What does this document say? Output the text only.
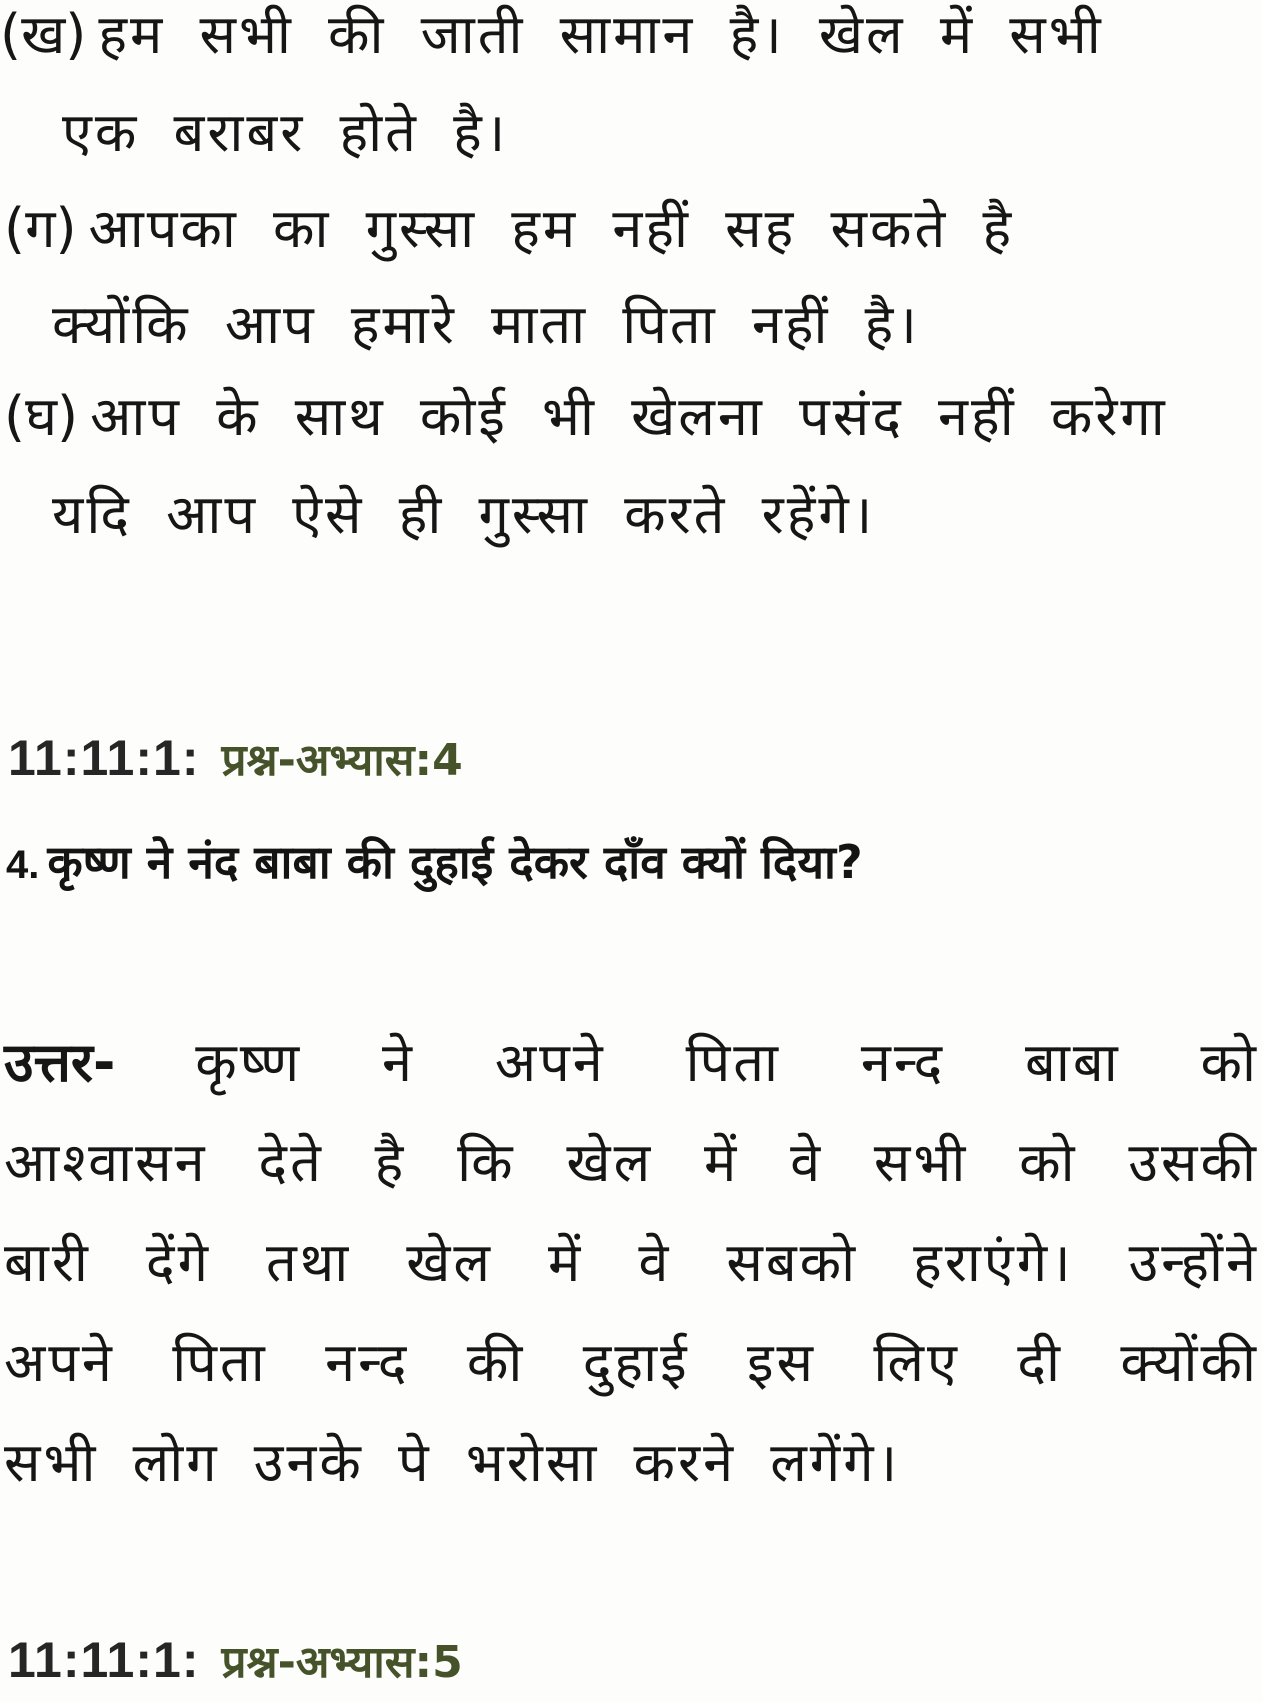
(ख) हम सभी की जाती सामान है। खेल में सभी
एक बराबर होते है।
(ग) आपका का गुस्सा हम नहीं सह सकते है
क्योंकि आप हमारे माता पिता नहीं है।
(घ) आप के साथ कोई भी खेलना पसंद नहीं करेगा
यदि आप ऐसे ही गुस्सा करते रहेंगे।
11:11:1: प्रश्न-अभ्यास:4
4. कृष्ण ने नंद बाबा की दुहाई देकर दाँव क्यों दिया?
उत्तर- कृष्ण ने अपने पिता नन्द बाबा को
आश्वासन देते है कि खेल में वे सभी को उसकी
बारी देंगे तथा खेल में वे सबको हराएंगे। उन्होंने
अपने पिता नन्द की दुहाई इस लिए दी क्योंकी
सभी लोग उनके पे भरोसा करने लगेंगे।
11:11:1: प्रश्न-अभ्यास:5
